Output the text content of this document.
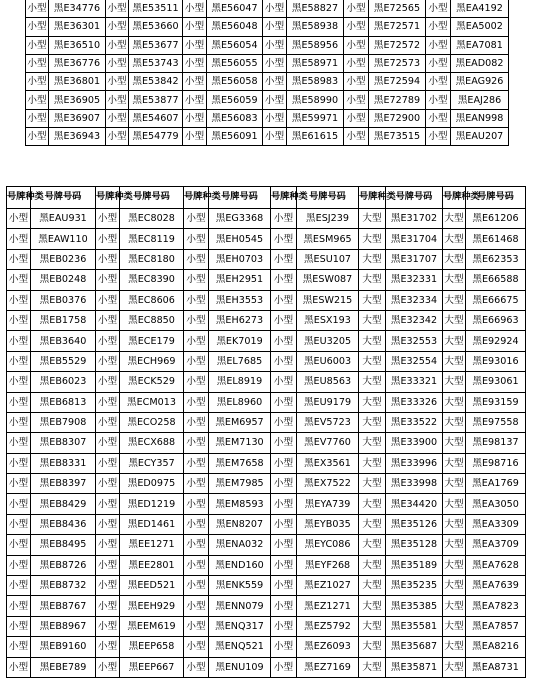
小型	黑E34776	小型	黑E53511	小型	黑E56047	小型	黑E58827	小型	黑E72565	小型	黑EA4192
小型	黑E36301	小型	黑E53660	小型	黑E56048	小型	黑E58938	小型	黑E72571	小型	黑EA5002
小型	黑E36510	小型	黑E53677	小型	黑E56054	小型	黑E58956	小型	黑E72572	小型	黑EA7081
小型	黑E36776	小型	黑E53743	小型	黑E56055	小型	黑E58971	小型	黑E72573	小型	黑EAD082
小型	黑E36801	小型	黑E53842	小型	黑E56058	小型	黑E58983	小型	黑E72594	小型	黑EAG926
小型	黑E36905	小型	黑E53877	小型	黑E56059	小型	黑E58990	小型	黑E72789	小型	黑EAJ286
小型	黑E36907	小型	黑E54607	小型	黑E56083	小型	黑E59971	小型	黑E72900	小型	黑EAN998
小型	黑E36943	小型	黑E54779	小型	黑E56091	小型	黑E61615	小型	黑E73515	小型	黑EAU207
号牌种类	号牌号码	号牌种类	号牌号码	号牌种类	号牌号码	号牌种类	号牌号码	号牌种类	号牌号码	号牌种类	号牌号码
小型	黑EAU931	小型	黑EC8028	小型	黑EG3368	小型	黑ESJ239	大型	黑E31702	大型	黑E61206
小型	黑EAW110	小型	黑EC8119	小型	黑EH0545	小型	黑ESM965	大型	黑E31704	大型	黑E61468
小型	黑EB0236	小型	黑EC8180	小型	黑EH0703	小型	黑ESU107	大型	黑E31707	大型	黑E62353
小型	黑EB0248	小型	黑EC8390	小型	黑EH2951	小型	黑ESW087	大型	黑E32331	大型	黑E66588
小型	黑EB0376	小型	黑EC8606	小型	黑EH3553	小型	黑ESW215	大型	黑E32334	大型	黑E66675
小型	黑EB1758	小型	黑EC8850	小型	黑EH6273	小型	黑ESX193	大型	黑E32342	大型	黑E66963
小型	黑EB3640	小型	黑ECE179	小型	黑EK7019	小型	黑EU3205	大型	黑E32553	大型	黑E92924
小型	黑EB5529	小型	黑ECH969	小型	黑EL7685	小型	黑EU6003	大型	黑E32554	大型	黑E93016
小型	黑EB6023	小型	黑ECK529	小型	黑EL8919	小型	黑EU8563	大型	黑E33321	大型	黑E93061
小型	黑EB6813	小型	黑ECM013	小型	黑EL8960	小型	黑EU9179	大型	黑E33326	大型	黑E93159
小型	黑EB7908	小型	黑ECO258	小型	黑EM6957	小型	黑EV5723	大型	黑E33522	大型	黑E97558
小型	黑EB8307	小型	黑ECX688	小型	黑EM7130	小型	黑EV7760	大型	黑E33900	大型	黑E98137
小型	黑EB8331	小型	黑ECY357	小型	黑EM7658	小型	黑EX3561	大型	黑E33996	大型	黑E98716
小型	黑EB8397	小型	黑ED0975	小型	黑EM7985	小型	黑EX7522	大型	黑E33998	大型	黑EA1769
小型	黑EB8429	小型	黑ED1219	小型	黑EM8593	小型	黑EYA739	大型	黑E34420	大型	黑EA3050
小型	黑EB8436	小型	黑ED1461	小型	黑EN8207	小型	黑EYB035	大型	黑E35126	大型	黑EA3309
小型	黑EB8495	小型	黑EE1271	小型	黑ENA032	小型	黑EYC086	大型	黑E35128	大型	黑EA3709
小型	黑EB8726	小型	黑EE2801	小型	黑END160	小型	黑EYF268	大型	黑E35189	大型	黑EA7628
小型	黑EB8732	小型	黑EED521	小型	黑ENK559	小型	黑EZ1027	大型	黑E35235	大型	黑EA7639
小型	黑EB8767	小型	黑EEH929	小型	黑ENN079	小型	黑EZ1271	大型	黑E35385	大型	黑EA7823
小型	黑EB8967	小型	黑EEM619	小型	黑ENQ317	小型	黑EZ5792	大型	黑E35581	大型	黑EA7857
小型	黑EB9160	小型	黑EEP658	小型	黑ENQ521	小型	黑EZ6093	大型	黑E35687	大型	黑EA8216
小型	黑EBE789	小型	黑EEP667	小型	黑ENU109	小型	黑EZ7169	大型	黑E35871	大型	黑EA8731
